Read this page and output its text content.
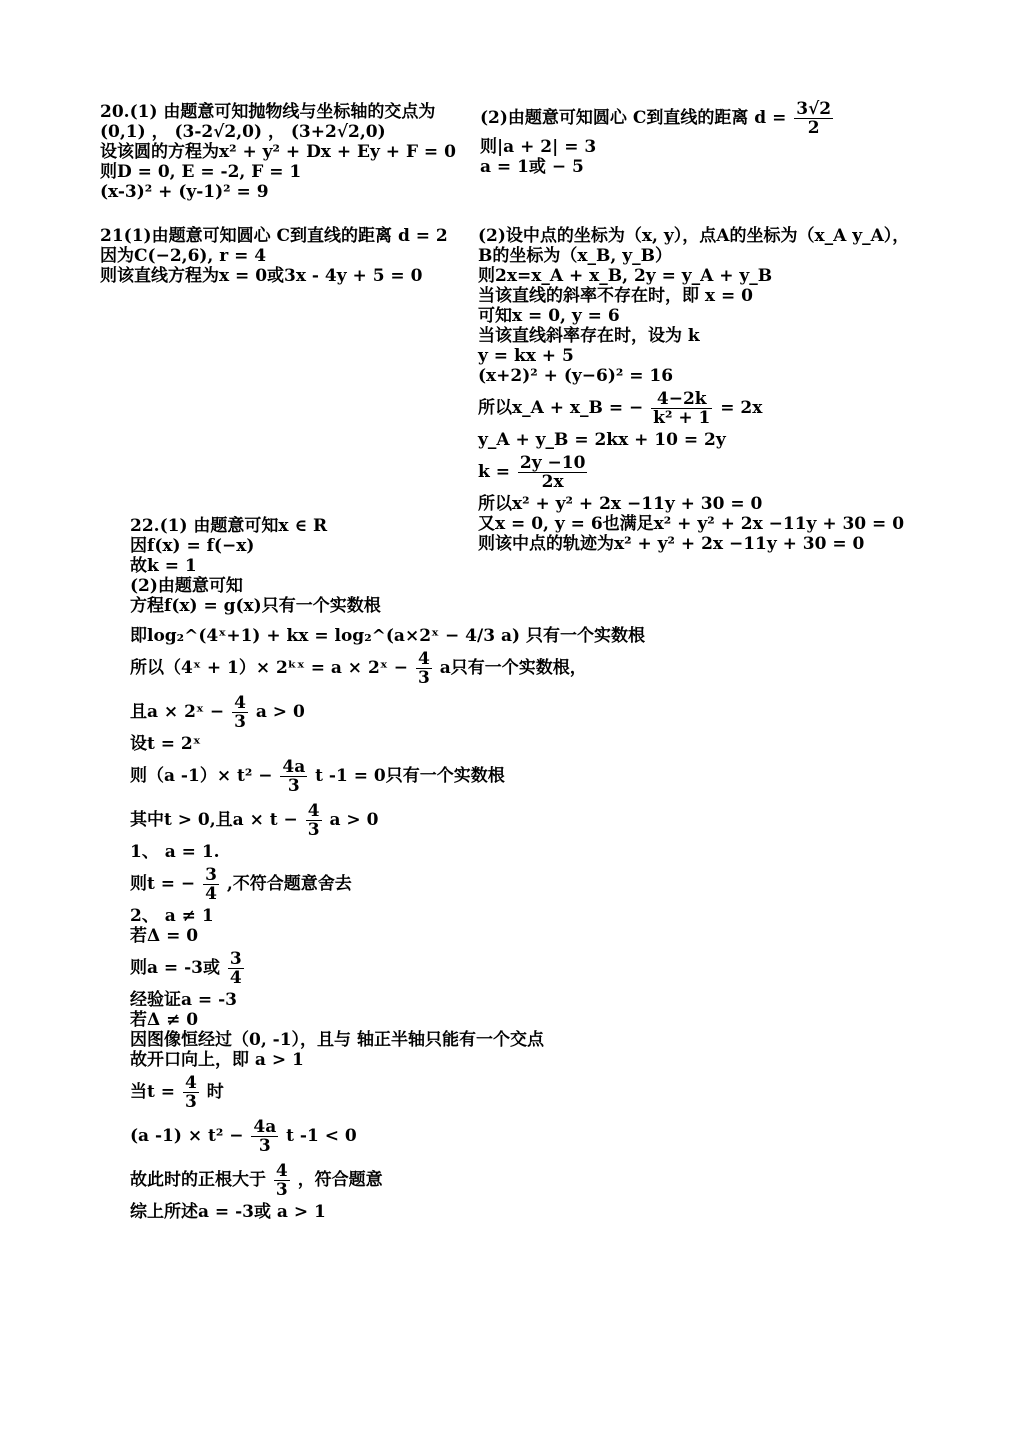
20.(1) 由题意可知抛物线与坐标轴的交点为
(0,1) ， (3-2√2,0) ， (3+2√2,0)
设该圆的方程为x² + y² + Dx + Ey + F = 0
则D = 0, E = -2, F = 1
(x-3)² + (y-1)² = 9
(2)由题意可知圆心 C到直线的距离 $d = \frac{3√2}{2}$
则|a + 2| = 3
a = 1或 − 5
21(1)由题意可知圆心 C到直线的距离 d = 2
因为C(−2,6), r = 4
则该直线方程为x = 0或3x - 4y + 5 = 0
(2)设中点的坐标为（x, y），点A的坐标为（x_A y_A），
B的坐标为（x_B, y_B）
则2x=x_A + x_B, 2y = y_A + y_B
当该直线的斜率不存在时，即 x = 0
可知x = 0, y = 6
当该直线斜率存在时，设为 k
y = kx + 5
(x+2)² + (y−6)² = 16
所以x_A + x_B = − $\frac{4-2k}{\text{k² + 1}} = 2x$
y_A + y_B = 2kx + 10 = 2y
$k = \frac{2y -10}{2x}$
所以x² + y² + 2x −11y + 30 = 0
又x = 0, y = 6也满足x² + y² + 2x −11y + 30 = 0
则该中点的轨迹为x² + y² + 2x −11y + 30 = 0
22.(1) 由题意可知x ∈ R
因f(x) = f(−x)
故k = 1
(2)由题意可知
方程f(x) = g(x)只有一个实数根
即log₂^(4ˣ+1) + kx = log₂^(a×2ˣ − 4/3 a) 只有一个实数根
所以（4ˣ + 1）× 2ᵏˣ = a × 2ˣ − $\frac{4}{3}$ a只有一个实数根，
且a × 2ˣ − $\frac{4}{3}$ a > 0
设t = 2ˣ
则（a $-1)\times t^2 - \frac{4a}{3}$ t -1 = 0只有一个实数根
其中t > 0,且$a \times t - \frac{4}{3}$ a > 0
1、 a = 1.
则t = − $\frac{3}{4}$ ,不符合题意舍去
2、 a ≠ 1
若Δ = 0
则a = -3或 $\frac{3}{4}$
经验证a = -3
若Δ ≠ 0
因图像恒经过（0, -1），且与 轴正半轴只能有一个交点
故开口向上，即 a > 1
当$t = \frac{4}{3}$ 时
(a $-1) \times t^2 - \frac{4a}{3}$ t -1 < 0
故此时的正根大于 $\frac{4}{3}$ ，符合题意
综上所述a = -3或 a > 1
